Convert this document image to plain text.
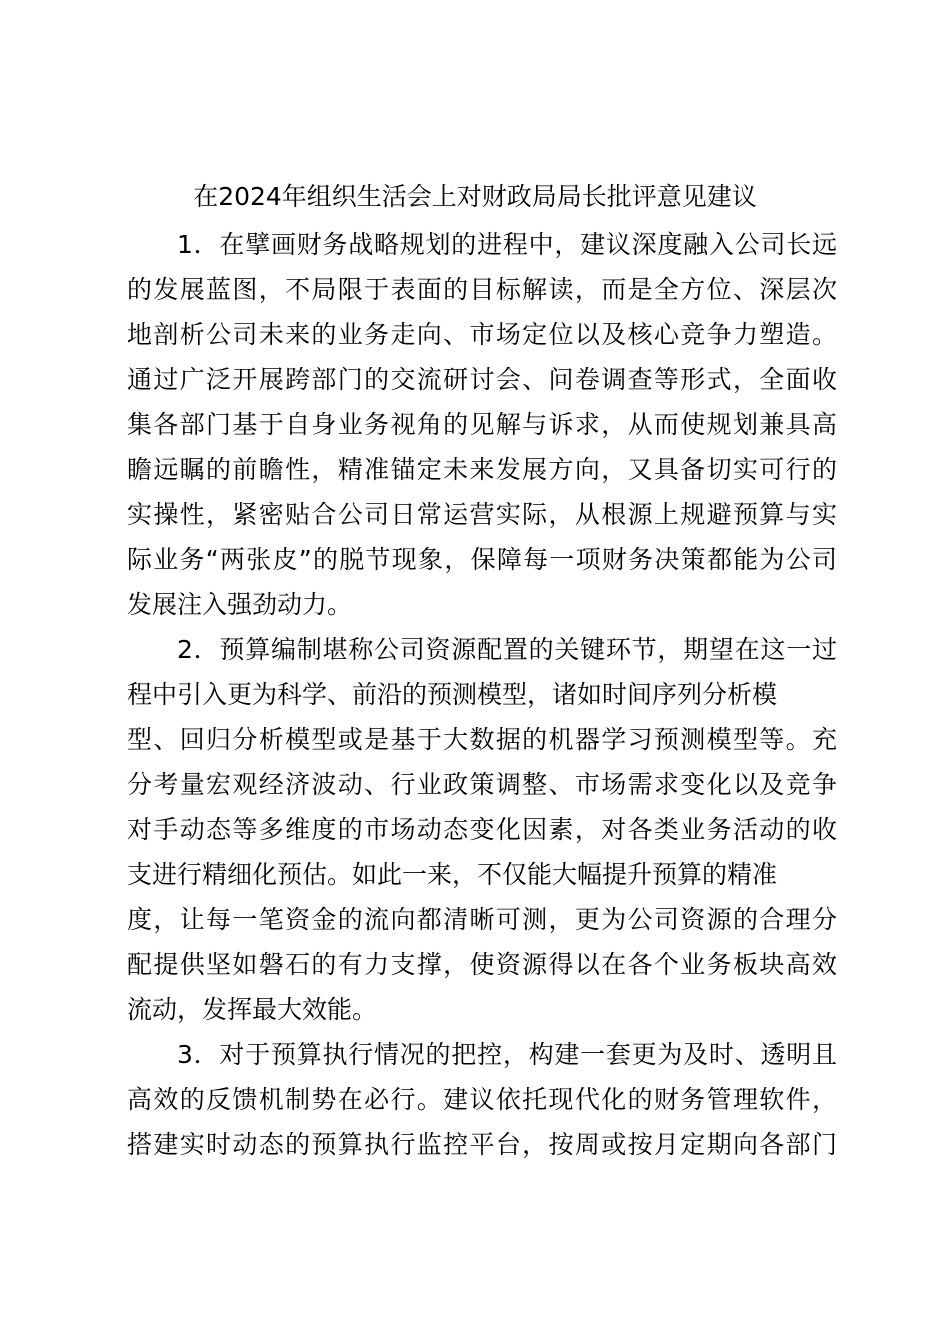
在2024年组织生活会上对财政局局长批评意见建议
1．在擘画财务战略规划的进程中，建议深度融入公司长远
的发展蓝图，不局限于表面的目标解读，而是全方位、深层次
地剖析公司未来的业务走向、市场定位以及核心竞争力塑造。
通过广泛开展跨部门的交流研讨会、问卷调查等形式，全面收
集各部门基于自身业务视角的见解与诉求，从而使规划兼具高
瞻远瞩的前瞻性，精准锚定未来发展方向，又具备切实可行的
实操性，紧密贴合公司日常运营实际，从根源上规避预算与实
际业务“两张皮”的脱节现象，保障每一项财务决策都能为公司
发展注入强劲动力。
2．预算编制堪称公司资源配置的关键环节，期望在这一过
程中引入更为科学、前沿的预测模型，诸如时间序列分析模
型、回归分析模型或是基于大数据的机器学习预测模型等。充
分考量宏观经济波动、行业政策调整、市场需求变化以及竞争
对手动态等多维度的市场动态变化因素，对各类业务活动的收
支进行精细化预估。如此一来，不仅能大幅提升预算的精准
度，让每一笔资金的流向都清晰可测，更为公司资源的合理分
配提供坚如磐石的有力支撑，使资源得以在各个业务板块高效
流动，发挥最大效能。
3．对于预算执行情况的把控，构建一套更为及时、透明且
高效的反馈机制势在必行。建议依托现代化的财务管理软件，
搭建实时动态的预算执行监控平台，按周或按月定期向各部门
